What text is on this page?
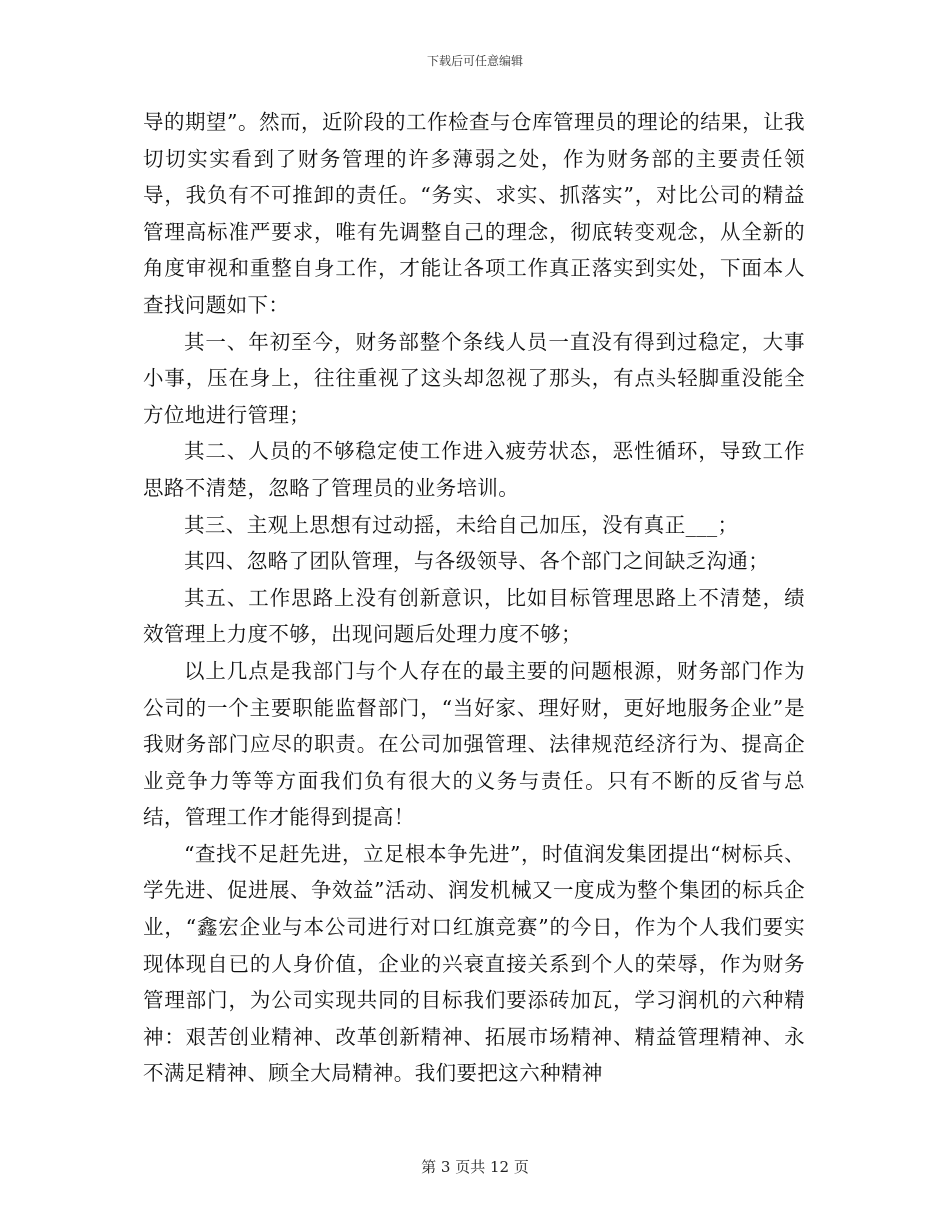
下载后可任意编辑

导的期望”。然而，近阶段的工作检查与仓库管理员的理论的结果，让我切切实实看到了财务管理的许多薄弱之处，作为财务部的主要责任领导，我负有不可推卸的责任。“务实、求实、抓落实”，对比公司的精益管理高标准严要求，唯有先调整自己的理念，彻底转变观念，从全新的角度审视和重整自身工作，才能让各项工作真正落实到实处，下面本人查找问题如下：

其一、年初至今，财务部整个条线人员一直没有得到过稳定，大事小事，压在身上，往往重视了这头却忽视了那头，有点头轻脚重没能全方位地进行管理；

其二、人员的不够稳定使工作进入疲劳状态，恶性循环，导致工作思路不清楚，忽略了管理员的业务培训。

其三、主观上思想有过动摇，未给自己加压，没有真正___；

其四、忽略了团队管理，与各级领导、各个部门之间缺乏沟通；

其五、工作思路上没有创新意识，比如目标管理思路上不清楚，绩效管理上力度不够，出现问题后处理力度不够；

以上几点是我部门与个人存在的最主要的问题根源，财务部门作为公司的一个主要职能监督部门，“当好家、理好财，更好地服务企业”是我财务部门应尽的职责。在公司加强管理、法律规范经济行为、提高企业竞争力等等方面我们负有很大的义务与责任。只有不断的反省与总结，管理工作才能得到提高！

“查找不足赶先进，立足根本争先进”，时值润发集团提出“树标兵、学先进、促进展、争效益”活动、润发机械又一度成为整个集团的标兵企业，“鑫宏企业与本公司进行对口红旗竞赛”的今日，作为个人我们要实现体现自已的人身价值，企业的兴衰直接关系到个人的荣辱，作为财务管理部门，为公司实现共同的目标我们要添砖加瓦，学习润机的六种精神：艰苦创业精神、改革创新精神、拓展市场精神、精益管理精神、永不满足精神、顾全大局精神。我们要把这六种精神

第 3 页共 12 页
